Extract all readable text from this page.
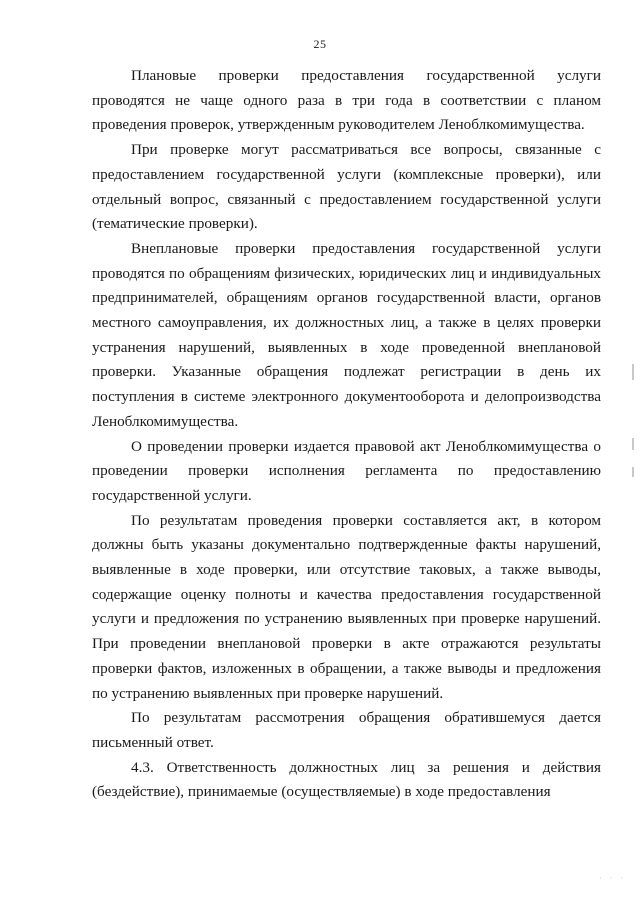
25

Плановые проверки предоставления государственной услуги проводятся не чаще одного раза в три года в соответствии с планом проведения проверок, утвержденным руководителем Леноблкомимущества.

При проверке могут рассматриваться все вопросы, связанные с предоставлением государственной услуги (комплексные проверки), или отдельный вопрос, связанный с предоставлением государственной услуги (тематические проверки).

Внеплановые проверки предоставления государственной услуги проводятся по обращениям физических, юридических лиц и индивидуальных предпринимателей, обращениям органов государственной власти, органов местного самоуправления, их должностных лиц, а также в целях проверки устранения нарушений, выявленных в ходе проведенной внеплановой проверки. Указанные обращения подлежат регистрации в день их поступления в системе электронного документооборота и делопроизводства Леноблкомимущества.

О проведении проверки издается правовой акт Леноблкомимущества о проведении проверки исполнения регламента по предоставлению государственной услуги.

По результатам проведения проверки составляется акт, в котором должны быть указаны документально подтвержденные факты нарушений, выявленные в ходе проверки, или отсутствие таковых, а также выводы, содержащие оценку полноты и качества предоставления государственной услуги и предложения по устранению выявленных при проверке нарушений. При проведении внеплановой проверки в акте отражаются результаты проверки фактов, изложенных в обращении, а также выводы и предложения по устранению выявленных при проверке нарушений.

По результатам рассмотрения обращения обратившемуся дается письменный ответ.

4.3. Ответственность должностных лиц за решения и действия (бездействие), принимаемые (осуществляемые) в ходе предоставления

· · ·
